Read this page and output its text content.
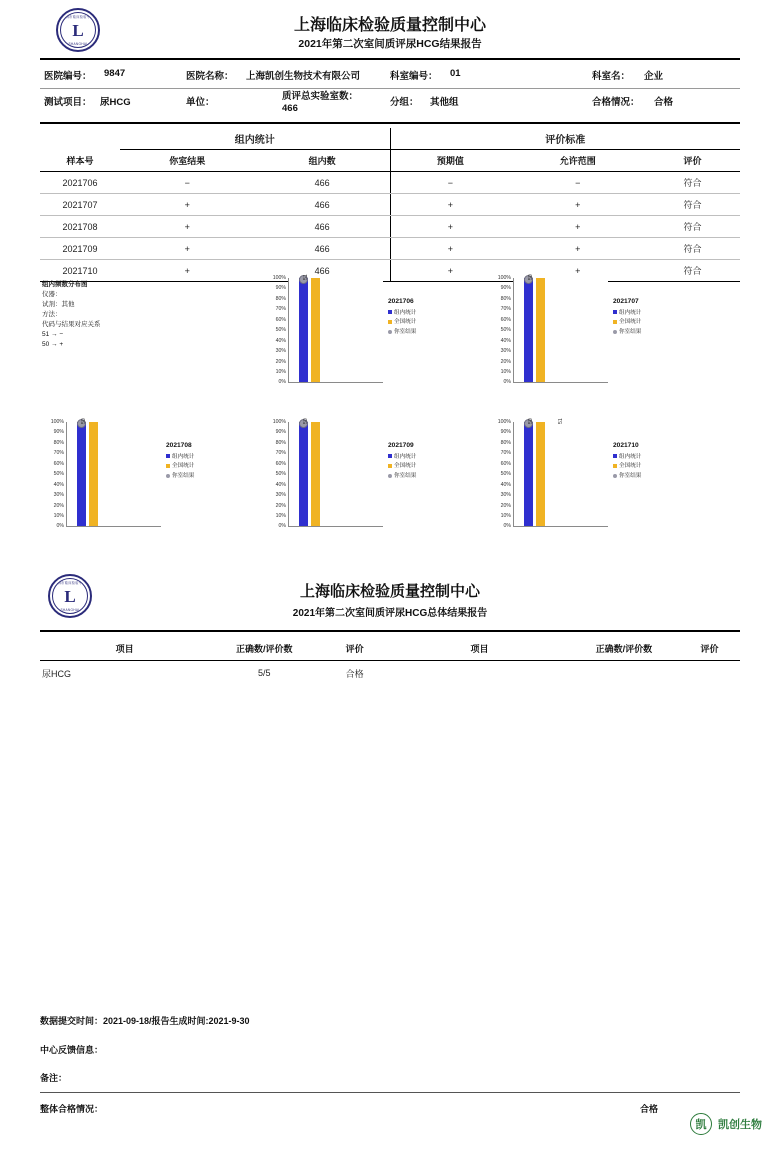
上海市临床检验中心
L
SHANGHAI
上海临床检验质量控制中心
2021年第二次室间质评尿HCG结果报告
医院编号： 9847	医院名称： 上海凯创生物技术有限公司	科室编号： 01	科室名： 企业
测试项目： 尿HCG	单位：
质评总实验室数：
466
分组： 其他组	合格情况： 合格
	组内统计		评价标准		
样本号	你室结果	组内数	预期值	允许范围	评价
2021706	−	466	−	−	符合
2021707	+	466	+	+	符合
2021708	+	466	+	+	符合
2021709	+	466	+	+	符合
2021710	+	466	+	+	符合
组内频数分布图
仪器：
试剂：其他
方法：
代码与结果对应关系
51 → −
50 → +
100%
90%
80%
70%
60%
50%
40%
30%
20%
10%
0%
51
2021706
组内统计
全国统计
你室结果
100%
90%
80%
70%
60%
50%
40%
30%
20%
10%
0%
50
2021707
组内统计
全国统计
你室结果
100%
90%
80%
70%
60%
50%
40%
30%
20%
10%
0%
50
2021708
组内统计
全国统计
你室结果
100%
90%
80%
70%
60%
50%
40%
30%
20%
10%
0%
50
2021709
组内统计
全国统计
你室结果
100%
90%
80%
70%
60%
50%
40%
30%
20%
10%
0%
50	51
2021710
组内统计
全国统计
你室结果
上海市临床检验中心
L
SHANGHAI
上海临床检验质量控制中心
2021年第二次室间质评尿HCG总体结果报告
项目	正确数/评价数	评价	项目	正确数/评价数	评价
尿HCG	5/5	合格			
数据提交时间：2021-09-18/报告生成时间:2021-9-30
中心反馈信息：
备注：
整体合格情况：	合格
凯 凯创生物
